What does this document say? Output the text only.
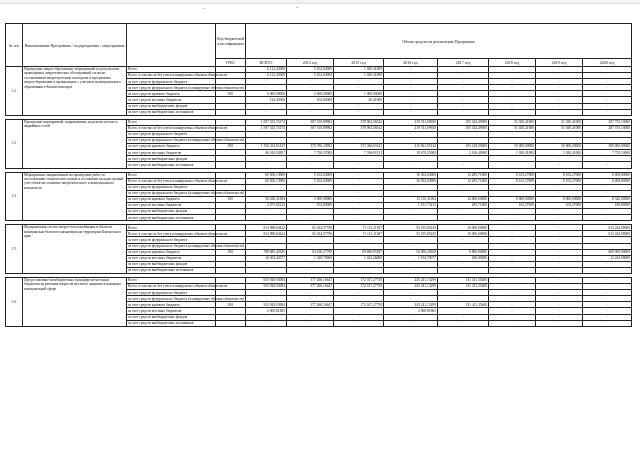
~	~
№ п/п	Наименование Программы / подпрограммы / мероприятия		Код бюджетной классификации	Объем средств на реализацию Программы							
			ГРБС	ВСЕГО	2014 год	2015 год	2016 год	2017 год	2018 год	2019 год	2020 год
1.2.	Проведение энергосберегающих мероприятий по результатам проведенных энергетических обследований согласно составленным энергетическим паспортам и программам энергосбережения и организациях с участием муниципального образования в Камчатском крае	Всего		6 122,45000	5 102,04000	1 020,41000	-	-	-	-	-
		Всего, в том числе без учета планируемых объемов обязательств		6 122,45000	5 102,04000	1 020,41000	-	-	-	-	-
		за счет средств федерального бюджета		-	-	-	-	-	-	-	-
		за счет средств федерального бюджета (планируемые объемы обязательств)		-	-	-	-	-	-	-	-
		за счет средств краевого бюджета	810	6 000,00000	5 000,00000	1 000,00000	-	-	-	-	-
		за счет средств местных бюджетов		122,45000	102,04000	20,41000	-	-	-	-	-
		за счет средств внебюджетных фондов		-	-	-	-	-	-	-	-
		за счет средств внебюджетных источников		-	-	-	-	-	-	-	-

1.3.	Проведение мероприятий, направленных на ремонт ветхих и аварийных сетей	Всего		1 597 325,74174	387 510,89982	378 963,56542	219 741,09650	105 324,49000	51 020,41000	51 020,41000	387 755,10000
		Всего, в том числе без учета планируемых объемов обязательств		1 597 325,74174	387 510,89982	378 963,56542	219 741,09650	105 324,49000	51 020,41000	51 020,41000	287 755,10000
		за счет средств федерального бюджета		-	-	-	-	-	-	-	-
		за счет средств федерального бюджета (планируемые объемы обязательств)		-	-	-	-	-	-	-	-
		за счет средств краевого бюджета	810	1 550 414,81137	379 780,33992	371 366,65411	210 061,85144	103 218,00000	50 000,00000	50 000,00000	380 000,00000
		за счет средств местных бюджетов		46 910,92837	7 730,37000	7 596,91131	19 679,25000	2 106,49000	1 020,41000	1 020,41000	7 755,10000
		за счет средств внебюджетных фондов		-	-	-	-	-	-	-	-
		за счет средств внебюджетных источников		-	-	-	-	-	-	-	-

1.4.	Мероприятия, направленные на проведение работ по изготовлению технических планов и постановке на кадастровый учет объектов топливно-энергетического и коммунального комплексов	Всего		60 506,13900	5 102,04000	-	16 302,04906	14 285,71000	8 163,27000	8 163,27000	8 408,80000
		Всего, в том числе без учета планируемых объемов обязательств		60 506,13900	5 102,04000	-	16 302,04906	14 285,71000	8 163,27000	8 163,27000	8 408,80000
		за счет средств федерального бюджета		-	-	-	-	-	-	-	-
		за счет средств федерального бюджета (планируемые объемы обязательств)		-	-	-	-	-	-	-	-
		за счет средств краевого бюджета	810	58 430,31694	5 000,00000	-	15 110,31694	14 000,00000	8 000,00000	8 000,00000	8 320,00000
		за счет средств местных бюджетов		2 075,82212	102,04000	-	1 191,73212	285,71000	163,27000	163,27000	169,80000
		за счет средств внебюджетных фондов		-	-	-	-	-	-	-	-
		за счет средств внебюджетных источников		-	-	-	-	-	-	-	-

1.5.	Модернизация систем энерго-теплоснабжения в объектах коммунально-бытового назначения на территории Камчатского края	Всего		814 988,84422	65 434,97790	71 113,11387	55 195,85245	10 000,00000	-	-	613 244,90000
		Всего, в том числе без учета планируемых объемов обязательств		814 988,84422	65 434,97790	71 113,11387	55 195,85245	10 000,00000	-	-	613 244,90000
		за счет средств федерального бюджета		-	-	-	-	-	-	-	-
		за счет средств федерального бюджета (планируемые объемы обязательств)		-	-	-	-	-	-	-	-
		за счет средств краевого бюджета	810	798 685,42345	64 106,27790	69 690,85387	54 000,29168	9 800,00000	-	-	600 000,00000
		за счет средств местных бюджетов		16 303,42077	1 328,70000	1 422,26000	1 194,70077	200,00000	-	-	12 244,90000
		за счет средств внебюджетных фондов		-	-	-	-	-	-	-	-
		за счет средств внебюджетных источников		-	-	-	-	-	-	-	-

1.6.	Предоставление межбюджетных трансфертов местным бюджетам на решение вопросов местного значения в жилищно-коммунальной сфере	Всего		925 928,93084	377 260,16647	172 017,27758	245 241,13299	131 411,35400	-	-	-
		Всего, в том числе без учета планируемых объемов обязательств		925 928,93084	377 260,16647	172 017,27758	245 241,13299	131 411,35400	-	-	-
		за счет средств федерального бюджета		-	-	-	-	-	-	-	-
		за счет средств федерального бюджета (планируемые объемы обязательств)		-	-	-	-	-	-	-	-
		за счет средств краевого бюджета	810	923 928,93084	377 260,16647	172 017,27758	243 241,13299	131 411,35400	-	-	-
		за счет средств местных бюджетов		2 000,81865	-	-	2 000,81865	-	-	-	-
		за счет средств внебюджетных фондов		-	-	-	-	-	-	-	-
		за счет средств внебюджетных источников		-	-	-	-	-	-	-	-
